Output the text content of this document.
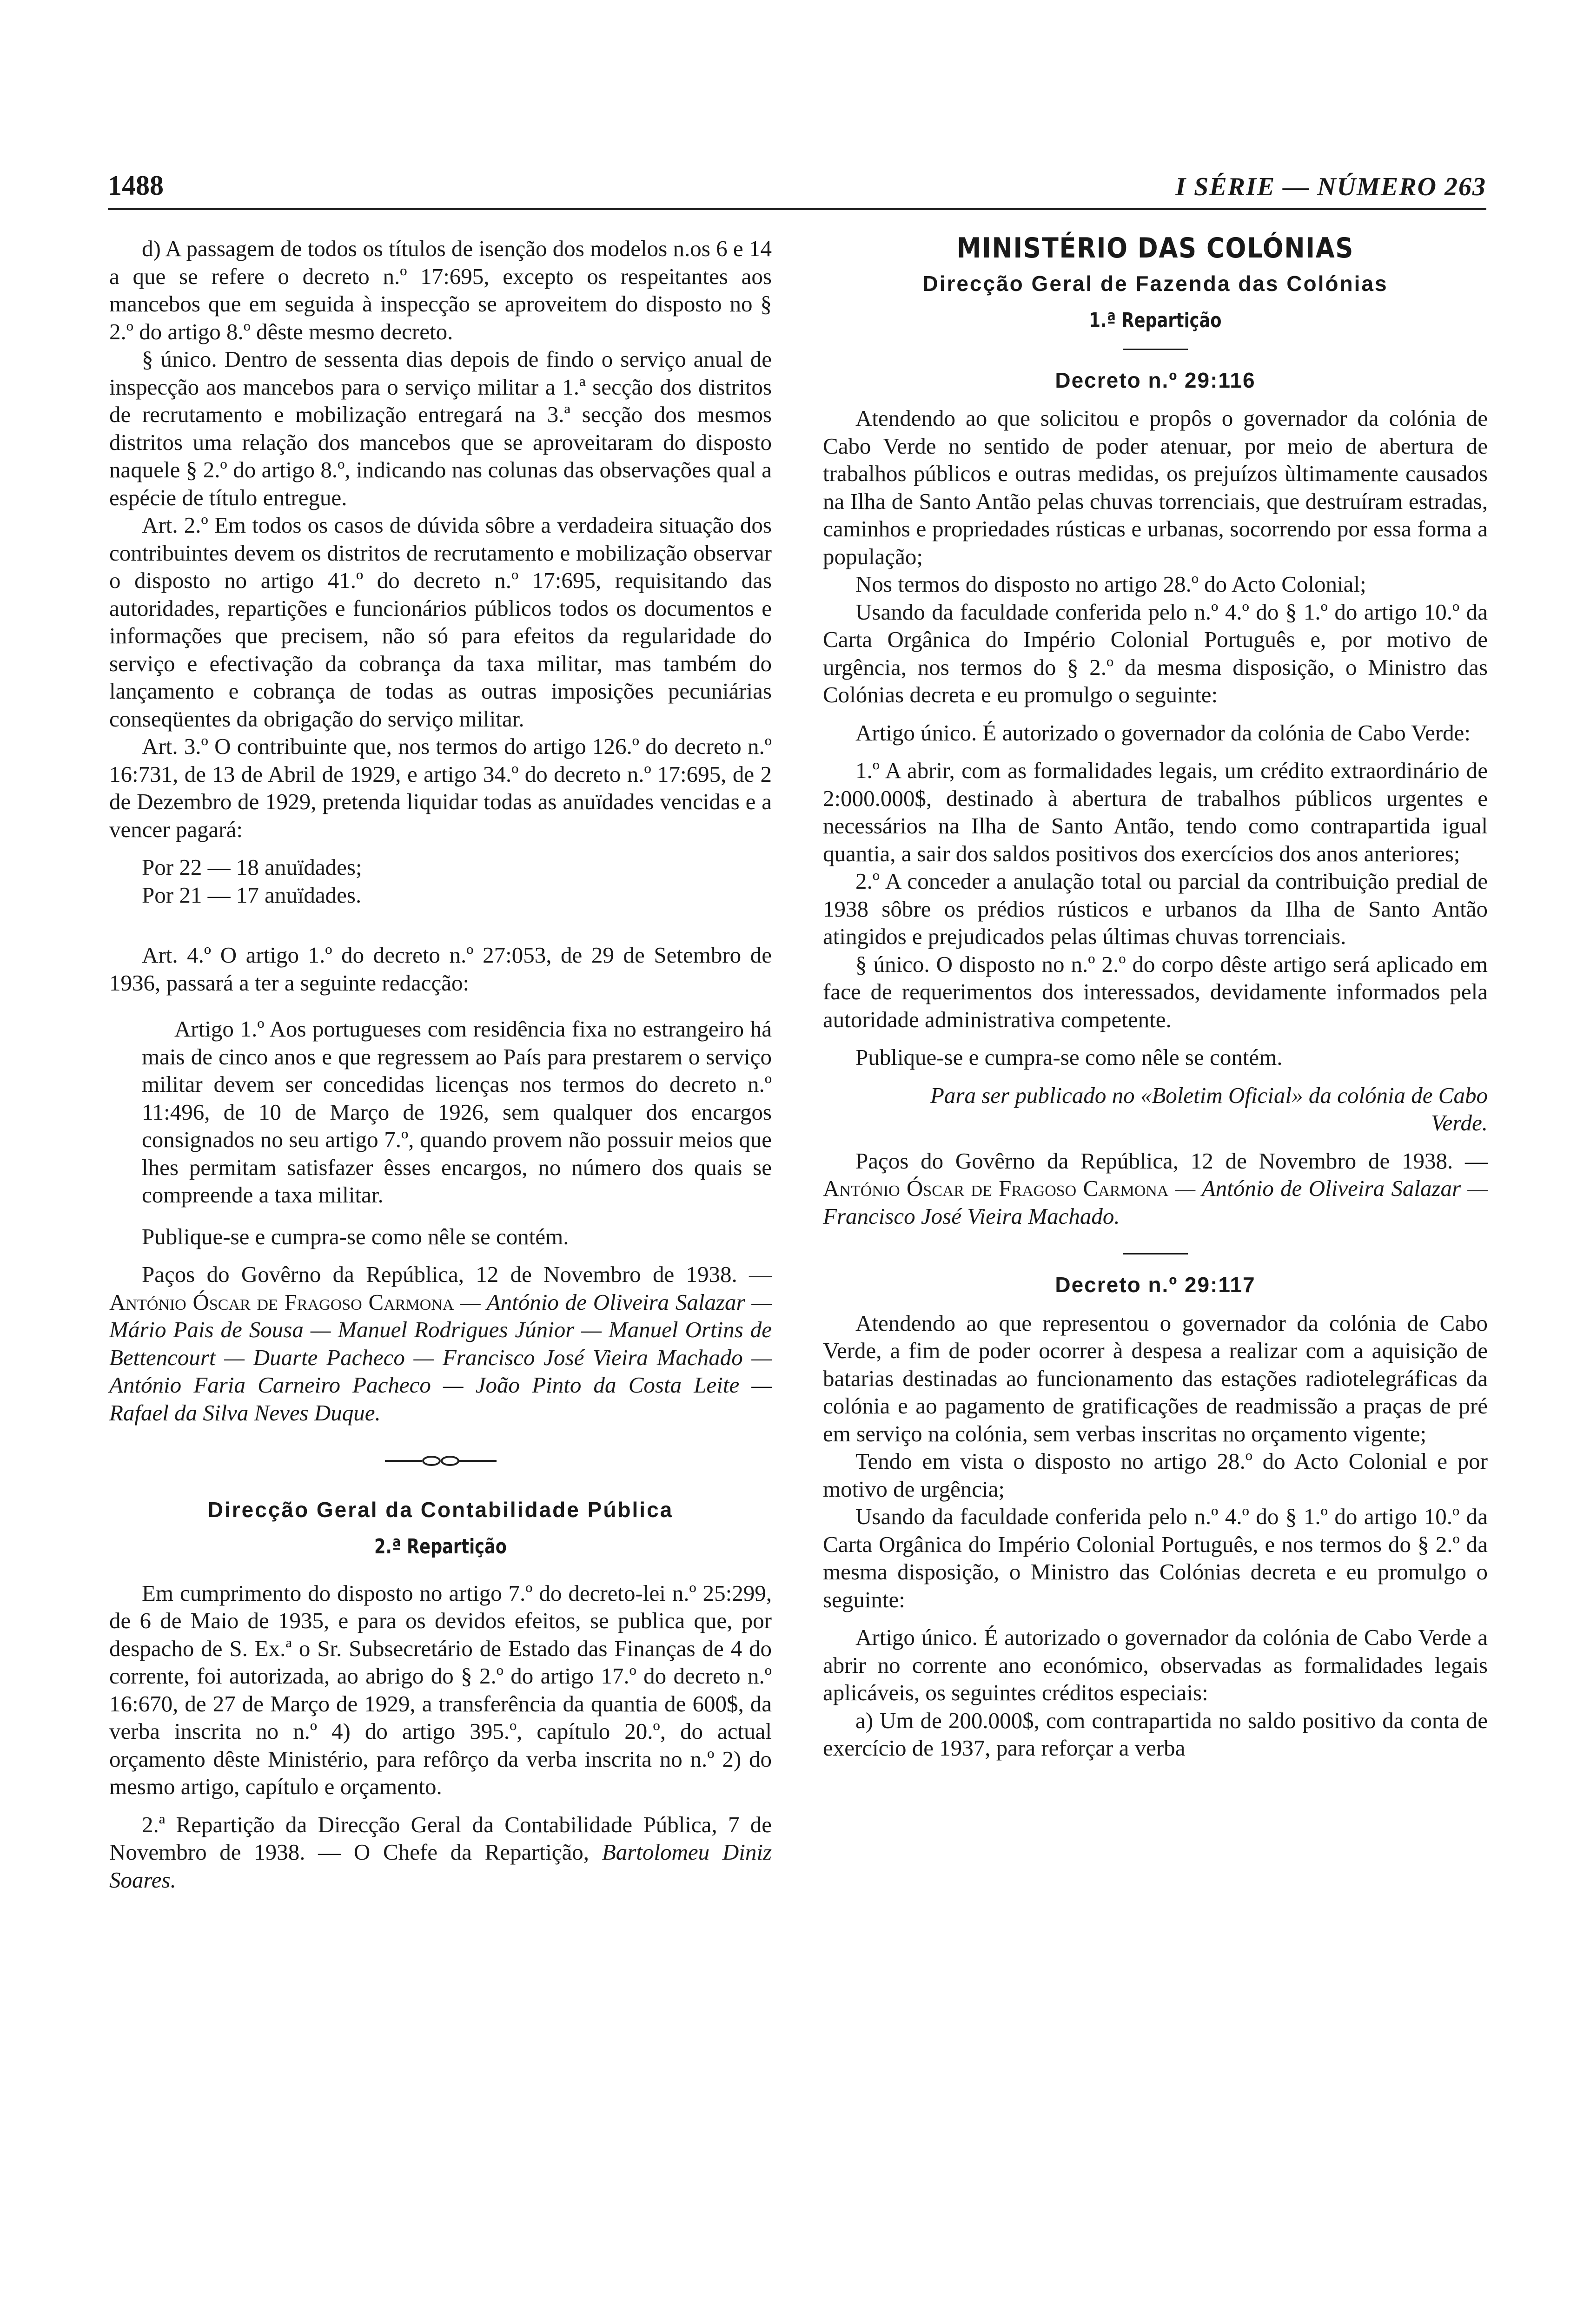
1488	I SÉRIE — NÚMERO 263

d) A passagem de todos os títulos de isenção dos modelos n.os 6 e 14 a que se refere o decreto n.º 17:695, excepto os respeitantes aos mancebos que em seguida à inspecção se aproveitem do disposto no § 2.º do artigo 8.º dêste mesmo decreto.

§ único. Dentro de sessenta dias depois de findo o serviço anual de inspecção aos mancebos para o serviço militar a 1.ª secção dos distritos de recrutamento e mobilização entregará na 3.ª secção dos mesmos distritos uma relação dos mancebos que se aproveitaram do disposto naquele § 2.º do artigo 8.º, indicando nas colunas das observações qual a espécie de título entregue.

Art. 2.º Em todos os casos de dúvida sôbre a verdadeira situação dos contribuintes devem os distritos de recrutamento e mobilização observar o disposto no artigo 41.º do decreto n.º 17:695, requisitando das autoridades, repartições e funcionários públicos todos os documentos e informações que precisem, não só para efeitos da regularidade do serviço e efectivação da cobrança da taxa militar, mas também do lançamento e cobrança de todas as outras imposições pecuniárias conseqüentes da obrigação do serviço militar.

Art. 3.º O contribuinte que, nos termos do artigo 126.º do decreto n.º 16:731, de 13 de Abril de 1929, e artigo 34.º do decreto n.º 17:695, de 2 de Dezembro de 1929, pretenda liquidar todas as anuïdades vencidas e a vencer pagará:

Por 22 — 18 anuïdades;

Por 21 — 17 anuïdades.

Art. 4.º O artigo 1.º do decreto n.º 27:053, de 29 de Setembro de 1936, passará a ter a seguinte redacção:

Artigo 1.º Aos portugueses com residência fixa no estrangeiro há mais de cinco anos e que regressem ao País para prestarem o serviço militar devem ser concedidas licenças nos termos do decreto n.º 11:496, de 10 de Março de 1926, sem qualquer dos encargos consignados no seu artigo 7.º, quando provem não possuir meios que lhes permitam satisfazer êsses encargos, no número dos quais se compreende a taxa militar.

Publique-se e cumpra-se como nêle se contém.

Paços do Govêrno da República, 12 de Novembro de 1938. — António Óscar de Fragoso Carmona — António de Oliveira Salazar — Mário Pais de Sousa — Manuel Rodrigues Júnior — Manuel Ortins de Bettencourt — Duarte Pacheco — Francisco José Vieira Machado — António Faria Carneiro Pacheco — João Pinto da Costa Leite — Rafael da Silva Neves Duque.

Direcção Geral da Contabilidade Pública
2.ª Repartição

Em cumprimento do disposto no artigo 7.º do decreto-lei n.º 25:299, de 6 de Maio de 1935, e para os devidos efeitos, se publica que, por despacho de S. Ex.ª o Sr. Subsecretário de Estado das Finanças de 4 do corrente, foi autorizada, ao abrigo do § 2.º do artigo 17.º do decreto n.º 16:670, de 27 de Março de 1929, a transferência da quantia de 600$, da verba inscrita no n.º 4) do artigo 395.º, capítulo 20.º, do actual orçamento dêste Ministério, para refôrço da verba inscrita no n.º 2) do mesmo artigo, capítulo e orçamento.

2.ª Repartição da Direcção Geral da Contabilidade Pública, 7 de Novembro de 1938. — O Chefe da Repartição, Bartolomeu Diniz Soares.

MINISTÉRIO DAS COLÓNIAS
Direcção Geral de Fazenda das Colónias
1.ª Repartição
Decreto n.º 29:116

Atendendo ao que solicitou e propôs o governador da colónia de Cabo Verde no sentido de poder atenuar, por meio de abertura de trabalhos públicos e outras medidas, os prejuízos ùltimamente causados na Ilha de Santo Antão pelas chuvas torrenciais, que destruíram estradas, caminhos e propriedades rústicas e urbanas, socorrendo por essa forma a população;

Nos termos do disposto no artigo 28.º do Acto Colonial;

Usando da faculdade conferida pelo n.º 4.º do § 1.º do artigo 10.º da Carta Orgânica do Império Colonial Português e, por motivo de urgência, nos termos do § 2.º da mesma disposição, o Ministro das Colónias decreta e eu promulgo o seguinte:

Artigo único. É autorizado o governador da colónia de Cabo Verde:

1.º A abrir, com as formalidades legais, um crédito extraordinário de 2:000.000$, destinado à abertura de trabalhos públicos urgentes e necessários na Ilha de Santo Antão, tendo como contrapartida igual quantia, a sair dos saldos positivos dos exercícios dos anos anteriores;

2.º A conceder a anulação total ou parcial da contribuição predial de 1938 sôbre os prédios rústicos e urbanos da Ilha de Santo Antão atingidos e prejudicados pelas últimas chuvas torrenciais.

§ único. O disposto no n.º 2.º do corpo dêste artigo será aplicado em face de requerimentos dos interessados, devidamente informados pela autoridade administrativa competente.

Publique-se e cumpra-se como nêle se contém.

Para ser publicado no «Boletim Oficial» da colónia de Cabo Verde.

Paços do Govêrno da República, 12 de Novembro de 1938. — António Óscar de Fragoso Carmona — António de Oliveira Salazar — Francisco José Vieira Machado.

Decreto n.º 29:117

Atendendo ao que representou o governador da colónia de Cabo Verde, a fim de poder ocorrer à despesa a realizar com a aquisição de batarias destinadas ao funcionamento das estações radiotelegráficas da colónia e ao pagamento de gratificações de readmissão a praças de pré em serviço na colónia, sem verbas inscritas no orçamento vigente;

Tendo em vista o disposto no artigo 28.º do Acto Colonial e por motivo de urgência;

Usando da faculdade conferida pelo n.º 4.º do § 1.º do artigo 10.º da Carta Orgânica do Império Colonial Português, e nos termos do § 2.º da mesma disposição, o Ministro das Colónias decreta e eu promulgo o seguinte:

Artigo único. É autorizado o governador da colónia de Cabo Verde a abrir no corrente ano económico, observadas as formalidades legais aplicáveis, os seguintes créditos especiais:

a) Um de 200.000$, com contrapartida no saldo positivo da conta de exercício de 1937, para reforçar a verba
